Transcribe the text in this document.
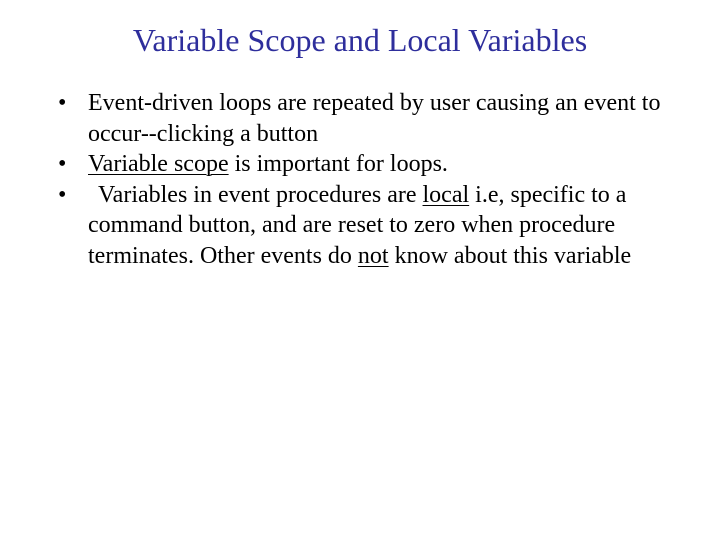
Variable Scope and Local Variables
• Event-driven loops are repeated by user causing an event to occur--clicking a button
• Variable scope is important for loops.
•	Variables in event procedures are local i.e, specific to a command button, and are reset to zero when procedure terminates. Other events do not know about this variable
